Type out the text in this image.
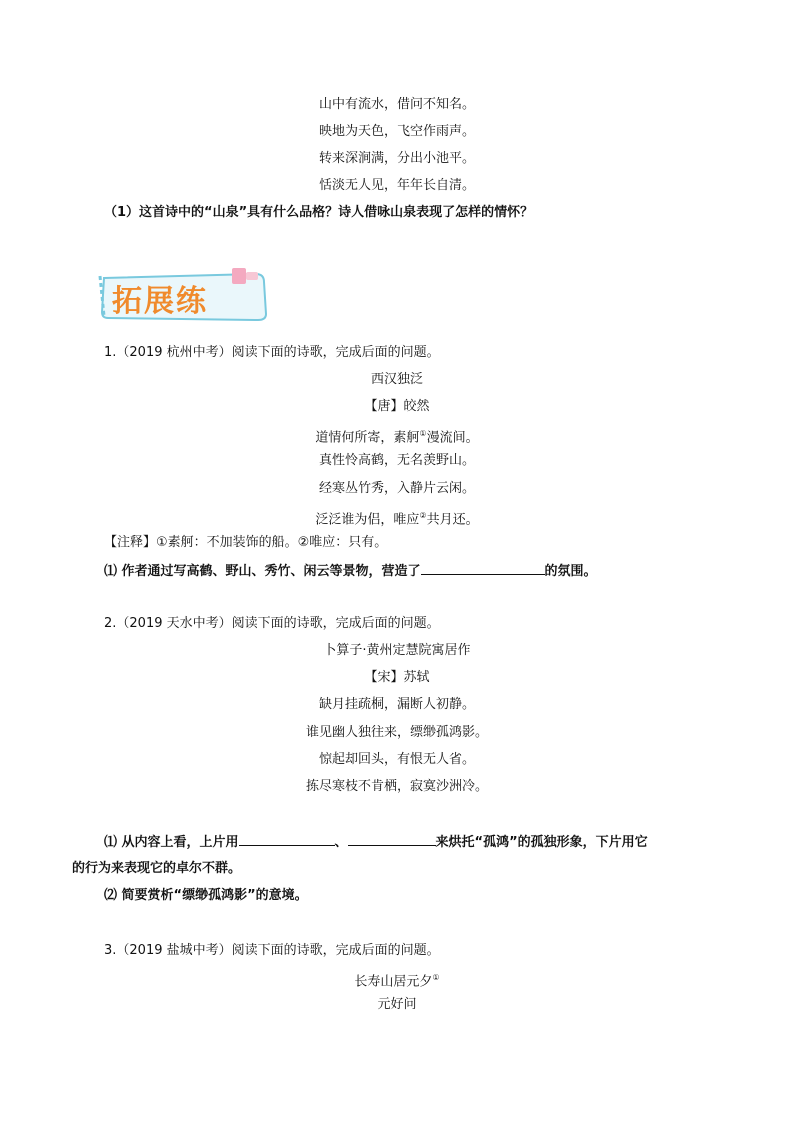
山中有流水，借问不知名。
映地为天色，飞空作雨声。
转来深涧满，分出小池平。
恬淡无人见，年年长自清。
（1）这首诗中的“山泉”具有什么品格？诗人借咏山泉表现了怎样的情怀？
拓展练
1.（2019 杭州中考）阅读下面的诗歌，完成后面的问题。
西汉独泛
【唐】皎然
道情何所寄，素舸①漫流间。
真性怜高鹤，无名羡野山。
经寒丛竹秀，入静片云闲。
泛泛谁为侣，唯应②共月还。
【注释】①素舸：不加装饰的船。②唯应：只有。
⑴ 作者通过写高鹤、野山、秀竹、闲云等景物，营造了	的氛围。
2.（2019 天水中考）阅读下面的诗歌，完成后面的问题。
卜算子·黄州定慧院寓居作
【宋】苏轼
缺月挂疏桐，漏断人初静。
谁见幽人独往来，缥缈孤鸿影。
惊起却回头，有恨无人省。
拣尽寒枝不肯栖，寂寞沙洲冷。
⑴ 从内容上看，上片用	、	来烘托“孤鸿”的孤独形象，下片用它
的行为来表现它的卓尔不群。
⑵ 简要赏析“缥缈孤鸿影”的意境。
3.（2019 盐城中考）阅读下面的诗歌，完成后面的问题。
长寿山居元夕①
元好问
